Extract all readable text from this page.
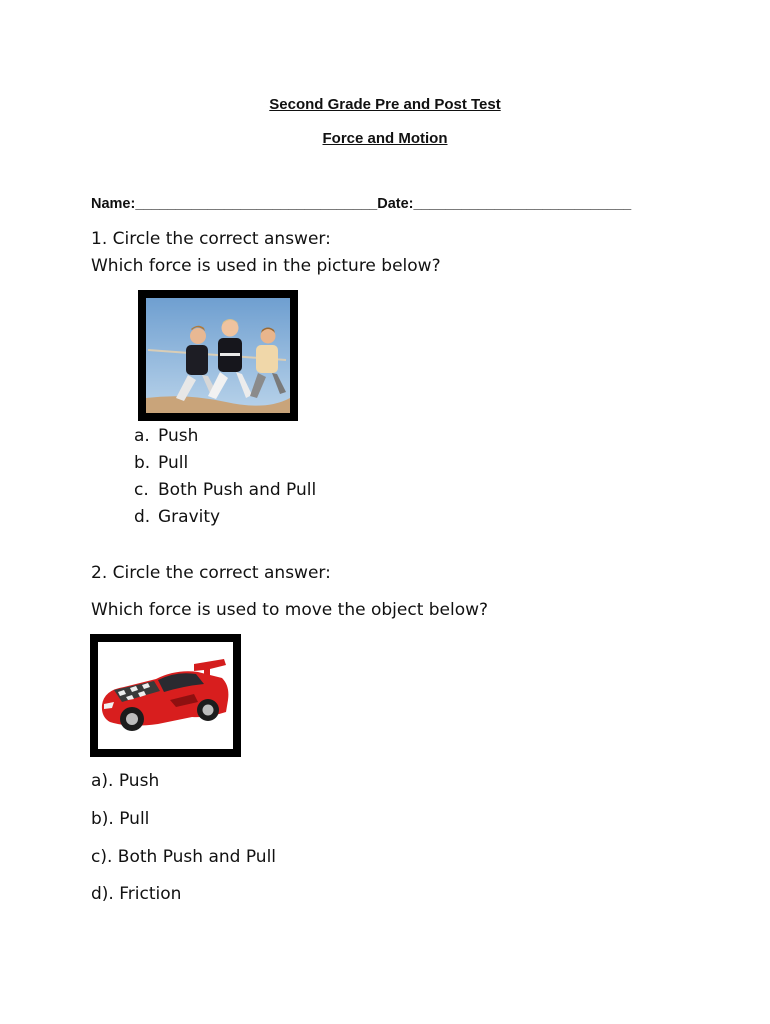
Second Grade Pre and Post Test
Force and Motion
Name:______________________________Date:___________________________
1. Circle the correct answer:
Which force is used in the picture below?
a. Push
b. Pull
c. Both Push and Pull
d. Gravity
2. Circle the correct answer:
Which force is used to move the object below?
a). Push
b). Pull
c). Both Push and Pull
d). Friction
